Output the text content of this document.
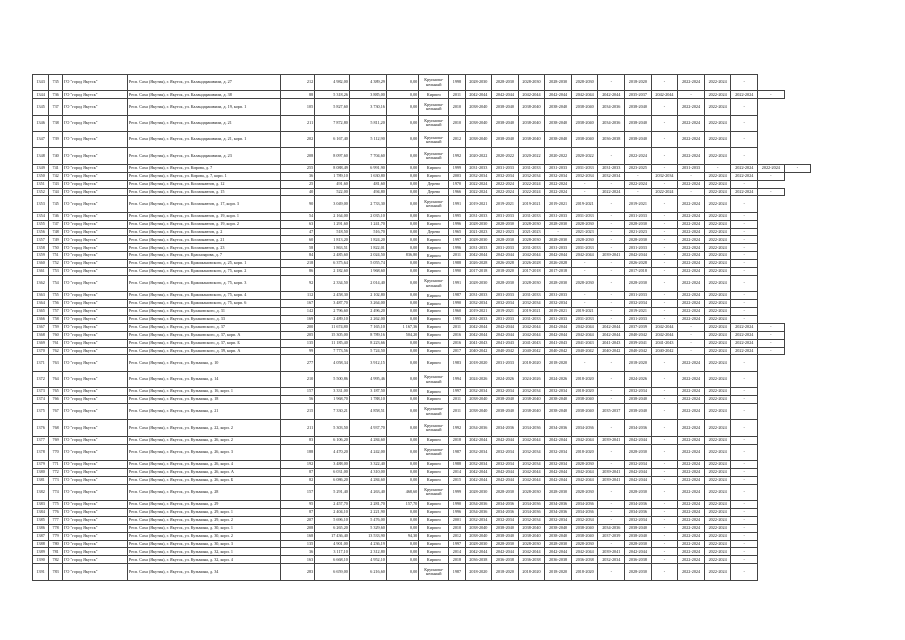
1343	735	ГО "город Якутск"	Респ. Саха (Якутия), г. Якутск, ул. Каландарашвили, д. 27	212	4 982,00	4 389,29	0,00	Крупнопа-нельный	1998	2028-2030	2028-2030	2028-2030	2028-2030	2028-2030	-	2018-2020	-	2022-2024	2022-2024	-		
1344	736	ГО "город Якутск"	Респ. Саха (Якутия), г. Якутск, ул. Каландарашвили, д. 38	88	5 318,26	3 885,00	0,00	Кирпич	2011	2042-2044	2042-2044	2042-2044	2042-2044	2042-2044	2042-2044	2035-2037	2042-2044	-	2022-2024	2022-2024	-	
1345	737	ГО "город Якутск"	Респ. Саха (Якутия), г. Якутск, ул. Каландарашвили, д. 19, корп. 1	105	5 827,60	3 730,16	0,00	Крупнопа-нельный	2010	2038-2040	2038-2040	2038-2040	2038-2040	2038-2040	2034-2036	2038-2040	-	2022-2024	2022-2024	-		
1346	738	ГО "город Якутск"	Респ. Саха (Якутия), г. Якутск, ул. Каландарашвили, д. 21	211	7 872,80	5 811,20	0,00	Крупнопа-нельный	2010	2038-2040	2038-2040	2038-2040	2038-2040	2038-2040	2034-2036	2038-2040	-	2022-2024	2022-2024	-		
1347	739	ГО "город Якутск"	Респ. Саха (Якутия), г. Якутск, ул. Каландарашвили, д. 21, корп. 1	202	6 167,40	5 112,90	0,00	Крупнопа-нельный	2012	2038-2040	2038-2040	2038-2040	2038-2040	2038-2040	2036-2038	2038-2040	-	2022-2024	2022-2024	-		
1348	740	ГО "город Якутск"	Респ. Саха (Якутия), г. Якутск, ул. Каландарашвили, д. 23	208	8 097,60	7 704,60	0,00	Крупнопа-нельный	1992	2020-2022	2020-2022	2020-2022	2020-2022	2020-2022	-	2022-2024	-	2022-2024	2022-2024	-		
1349	741	ГО "город Якутск"	Респ. Саха (Якутия), г. Якутск, ул. Кирова, д. 7	255	8 088,49	6 991,90	0,00	Кирпич	1999	2031-2033	2031-2033	2031-2033	2031-2033	2031-2033	2031-2033	2023-2025	-	2031-2033	-	2022-2024	2022-2024	-
1350	742	ГО "город Якутск"	Респ. Саха (Якутия), г. Якутск, ул. Кирова, д. 7, корп. 1	36	1 789,10	1 630,80	0,00	Кирпич	2003	2032-2034	2032-2034	2032-2034	2032-2034	2032-2034	2032-2034	-	2032-2034	-	2022-2024	2022-2024	-	
1351	743	ГО "город Якутск"	Респ. Саха (Якутия), г. Якутск, ул. Космонавтов, д. 12	25	491,60	481,60	0,00	Дерево	1970	2022-2024	2022-2024	2022-2024	2022-2024	-	-	2022-2024	-	2022-2024	2022-2024	-		
1352	744	ГО "город Якутск"	Респ. Саха (Якутия), г. Якутск, ул. Космонавтов, д. 15	40	522,00	494,80	0,00	Дерево	1966	2022-2024	2022-2024	2022-2024	2022-2024	-	2022-2024	-	2022-2024	-	2022-2024	2022-2024	-	
1353	745	ГО "город Якутск"	Респ. Саха (Якутия), г. Якутск, ул. Космонавтов, д. 17, корп. 3	90	3 049,00	2 733,30	0,00	Крупнопа-нельный	1991	2019-2021	2019-2021	2019-2021	2019-2021	2019-2021	-	2019-2021	-	2022-2024	2022-2024	-		
1354	746	ГО "город Якутск"	Респ. Саха (Якутия), г. Якутск, ул. Космонавтов, д. 19, корп. 1	54	2 164,00	2 035,10	0,00	Кирпич	1995	2031-2033	2031-2033	2031-2033	2031-2033	2031-2033	-	2031-2033	-	2022-2024	2022-2024	-		
1355	747	ГО "город Якутск"	Респ. Саха (Якутия), г. Якутск, ул. Космонавтов, д. 19, корп. 2	63	1 291,60	1 241,70	0,00	Кирпич	1996	2028-2030	2028-2030	2028-2030	2028-2030	2028-2030	-	2028-2030	-	2022-2024	2022-2024	-		
1356	748	ГО "город Якутск"	Респ. Саха (Якутия), г. Якутск, ул. Космонавтов, д. 2	47	518,50	516,70	0,00	Дерево	1965	2021-2023	2021-2023	2021-2023	-	2021-2023	-	2021-2023	-	2022-2024	2022-2024	-		
1357	749	ГО "город Якутск"	Респ. Саха (Якутия), г. Якутск, ул. Космонавтов, д. 21	60	1 813,20	1 824,20	0,00	Кирпич	1997	2028-2030	2028-2030	2028-2030	2028-2030	2028-2030	-	2028-2030	-	2022-2024	2022-2024	-		
1358	750	ГО "город Якутск"	Респ. Саха (Якутия), г. Якутск, ул. Космонавтов, д. 23	58	1 863,51	1 822,01	0,00	Кирпич	1996	2031-2033	2031-2033	2031-2033	2031-2033	2031-2033	-	2031-2033	-	2022-2024	2022-2024	-		
1359	751	ГО "город Якутск"	Респ. Саха (Якутия), г. Якутск, ул. Красноярова, д. 7	84	2 485,60	2 024,50	836,80	Кирпич	2011	2042-2044	2042-2044	2042-2044	2042-2044	2042-2044	2039-2041	2042-2044	-	2022-2024	2022-2024	-		
1360	752	ГО "город Якутск"	Респ. Саха (Якутия), г. Якутск, ул. Кржижановского, д. 25, корп. 1	218	6 375,64	5 055,74	0,00	Кирпич	1988	2026-2028	2026-2028	2026-2028	2026-2028	-	-	2026-2028	-	2022-2024	2022-2024	-		
1361	753	ГО "город Якутск"	Респ. Саха (Якутия), г. Якутск, ул. Кржижановского, д. 75, корп. 2	86	2 182,60	1 968,60	0,00	Кирпич	1990	2017-2018	2018-2020	2017-2018	2017-2018	-	-	2017-2018	-	2022-2024	2022-2024	-		
1362	754	ГО "город Якутск"	Респ. Саха (Якутия), г. Якутск, ул. Кржижановского, д. 75, корп. 3	92	2 334,50	2 014,40	0,00	Крупнопа-нельный	1991	2028-2030	2028-2030	2028-2030	2028-2030	2028-2030	-	2028-2030	-	2022-2024	2022-2024	-		
1363	755	ГО "город Якутск"	Респ. Саха (Якутия), г. Якутск, ул. Кржижановского, д. 75, корп. 4	112	2 458,30	2 102,80	0,00	Кирпич	1987	2031-2033	2031-2033	2031-2033	2031-2033	-	-	2031-2033	-	2022-2024	2022-2024	-		
1364	756	ГО "город Якутск"	Респ. Саха (Якутия), г. Якутск, ул. Кржижановского, д. 75, корп. 6	167	3 487,70	3 264,00	0,00	Кирпич	1990	2032-2034	2032-2034	2032-2034	2032-2034	-	-	2032-2034	-	2022-2024	2022-2024	-		
1365	757	ГО "город Якутск"	Респ. Саха (Якутия), г. Якутск, ул. Кулаковского, д. 31	142	2 796,60	2 496,20	0,00	Кирпич	1960	2019-2021	2019-2021	2019-2021	2019-2021	2019-2021	-	2019-2021	-	2022-2024	2022-2024	-		
1366	758	ГО "город Якутск"	Респ. Саха (Якутия), г. Якутск, ул. Кулаковского, д. 33	169	2 489,10	2 262,00	0,00	Кирпич	1995	2031-2033	2031-2033	2031-2033	2031-2033	2031-2033	-	2031-2033	-	2022-2024	2022-2024	-		
1367	759	ГО "город Якутск"	Респ. Саха (Якутия), г. Якутск, ул. Кулаковского, д. 37	200	11 674,80	7 165,10	1 167,36	Кирпич	2011	2042-2044	2042-2044	2042-2044	2042-2044	2042-2044	2042-2044	2037-2039	2042-2044	-	2022-2024	2022-2024	-	
1368	760	ГО "город Якутск"	Респ. Саха (Якутия), г. Якутск, ул. Кулаковского, д. 37, корп. А	205	15 305,00	8 789,16	504,20	Кирпич	2016	2042-2044	2042-2044	2042-2044	2042-2044	2042-2044	2042-2044	2040-2042	2042-2044	-	2022-2024	2022-2024	-	
1369	761	ГО "город Якутск"	Респ. Саха (Якутия), г. Якутск, ул. Кулаковского, д. 37, корп. Б	135	11 185,40	8 223,66	0,00	Кирпич	2016	2041-2043	2041-2043	2041-2043	2041-2043	2041-2043	2041-2043	2039-2041	2041-2043	-	2022-2024	2022-2024	-	
1370	762	ГО "город Якутск"	Респ. Саха (Якутия), г. Якутск, ул. Кулаковского, д. 39, корп. А	99	7 773,56	5 724,50	0,00	Кирпич	2017	2040-2042	2040-2042	2040-2042	2040-2042	2040-2042	2040-2042	2040-2042	2040-2042	-	2022-2024	2022-2024	-	
1371	763	ГО "город Якутск"	Респ. Саха (Якутия), г. Якутск, ул. Кузьмина, д. 10	277	4 058,34	3 912,15	0,00	Кирпич	1983	2018-2020	2031-2033	2018-2020	2018-2020	-	-	2018-2020	-	2022-2024	2022-2024	-		
1372	764	ГО "город Якутск"	Респ. Саха (Якутия), г. Якутск, ул. Кузьмина, д. 14	210	5 500,86	4 995,46	0,00	Крупнопа-нельный	1994	2024-2026	2024-2026	2024-2026	2024-2026	2018-2020	-	2024-2026	-	2022-2024	2022-2024	-		
1373	765	ГО "город Якутск"	Респ. Саха (Якутия), г. Якутск, ул. Кузьмина, д. 16, корп. 1	157	3 331,00	3 187,50	0,00	Кирпич	1997	2032-2034	2032-2034	2032-2034	2032-2034	2018-2020	-	2032-2034	-	2022-2024	2022-2024	-		
1374	766	ГО "город Якутск"	Респ. Саха (Якутия), г. Якутск, ул. Кузьмина, д. 18	56	1 968,70	1 788,10	0,00	Кирпич	2011	2038-2040	2038-2040	2038-2040	2038-2040	2038-2040	-	2038-2040	-	2022-2024	2022-2024	-		
1375	767	ГО "город Якутск"	Респ. Саха (Якутия), г. Якутск, ул. Кузьмина, д. 21	215	7 330,21	4 858,51	0,00	Крупнопа-нельный	2011	2038-2040	2038-2040	2038-2040	2038-2040	2038-2040	2035-2037	2038-2040	-	2022-2024	2022-2024	-		
1376	768	ГО "город Якутск"	Респ. Саха (Якутия), г. Якутск, ул. Кузьмина, д. 22, корп. 2	211	5 303,50	4 937,70	0,00	Крупнопа-нельный	1992	2034-2036	2034-2036	2034-2036	2034-2036	2034-2036	-	2034-2036	-	2022-2024	2022-2024	-		
1377	769	ГО "город Якутск"	Респ. Саха (Якутия), г. Якутск, ул. Кузьмина, д. 26, корп. 2	83	6 106,20	4 284,60	0,00	Кирпич	2018	2042-2044	2042-2044	2042-2044	2042-2044	2042-2044	2039-2041	2042-2044	-	2022-2024	2022-2024	-		
1378	770	ГО "город Якутск"	Респ. Саха (Якутия), г. Якутск, ул. Кузьмина, д. 26, корп. 3	188	4 470,20	4 242,00	0,00	Крупнопа-нельный	1987	2032-2034	2032-2034	2032-2034	2032-2034	2018-2020	-	2028-2030	-	2022-2024	2022-2024	-		
1379	771	ГО "город Якутск"	Респ. Саха (Якутия), г. Якутск, ул. Кузьмина, д. 26, корп. 4	192	3 488,00	3 322,40	0,00	Кирпич	1988	2032-2034	2032-2034	2032-2034	2032-2034	2028-2030	-	2032-2034	-	2022-2024	2022-2024	-		
1380	772	ГО "город Якутск"	Респ. Саха (Якутия), г. Якутск, ул. Кузьмина, д. 26, корп. А	87	6 031,00	4 310,00	0,00	Кирпич	2014	2042-2044	2042-2044	2042-2044	2042-2044	2042-2044	2039-2041	2042-2044	-	2022-2024	2022-2024	-		
1381	773	ГО "город Якутск"	Респ. Саха (Якутия), г. Якутск, ул. Кузьмина, д. 26, корп. Б	82	6 086,20	4 284,60	0,00	Кирпич	2015	2042-2044	2042-2044	2042-2044	2042-2044	2042-2044	2039-2041	2042-2044	-	2022-2024	2022-2024	-		
1382	774	ГО "город Якутск"	Респ. Саха (Якутия), г. Якутск, ул. Кузьмина, д. 28	157	5 291,40	4 263,40	468,60	Крупнопа-нельный	1999	2028-2030	2028-2030	2028-2030	2028-2030	2028-2030	-	2028-2030	-	2022-2024	2022-2024	-		
1383	775	ГО "город Якутск"	Респ. Саха (Якутия), г. Якутск, ул. Кузьмина, д. 29	95	2 457,70	2 281,70	157,70	Кирпич	1990	2034-2036	2034-2036	2034-2036	2034-2036	2034-2036	-	2034-2036	-	2022-2024	2022-2024	-		
1384	776	ГО "город Якутск"	Респ. Саха (Якутия), г. Якутск, ул. Кузьмина, д. 29, корп. 1	87	2 404,10	2 221,90	0,00	Кирпич	1996	2034-2036	2034-2036	2034-2036	2034-2036	2034-2036	-	2034-2036	-	2022-2024	2022-2024	-		
1385	777	ГО "город Якутск"	Респ. Саха (Якутия), г. Якутск, ул. Кузьмина, д. 29, корп. 2	207	5 696,10	5 476,00	0,00	Кирпич	2001	2032-2034	2032-2034	2032-2034	2032-2034	2032-2034	-	2032-2034	-	2022-2024	2022-2024	-		
1386	778	ГО "город Якутск"	Респ. Саха (Якутия), г. Якутск, ул. Кузьмина, д. 30, корп. 1	208	6 265,20	5 329,60	0,00	Кирпич	2010	2038-2040	2038-2040	2038-2040	2038-2040	2038-2040	2034-2036	2038-2040	-	2022-2024	2022-2024	-		
1387	779	ГО "город Якутск"	Респ. Саха (Якутия), г. Якутск, ул. Кузьмина, д. 30, корп. 2	168	17 436,40	13 533,90	94,30	Кирпич	2012	2038-2040	2038-2040	2038-2040	2038-2040	2038-2040	2037-2039	2038-2040	-	2022-2024	2022-2024	-		
1388	780	ГО "город Якутск"	Респ. Саха (Якутия), г. Якутск, ул. Кузьмина, д. 30, корп. 3	135	4 901,00	4 236,19	0,00	Кирпич	1997	2028-2030	2028-2030	2028-2030	2028-2030	2028-2030	-	2028-2030	-	2022-2024	2022-2024	-		
1389	781	ГО "город Якутск"	Респ. Саха (Якутия), г. Якутск, ул. Кузьмина, д. 32, корп. 1	36	3 117,10	2 312,80	0,00	Кирпич	2014	2042-2044	2042-2044	2042-2044	2042-2044	2042-2044	2039-2041	2042-2044	-	2022-2024	2022-2024	-		
1390	782	ГО "город Якутск"	Респ. Саха (Якутия), г. Якутск, ул. Кузьмина, д. 32, корп. 4	163	6 668,10	4 952,10	0,00	Кирпич	2018	2036-2038	2036-2038	2036-2038	2036-2038	2036-2038	2032-2034	2036-2038	-	2022-2024	2022-2024	-		
1391	783	ГО "город Якутск"	Респ. Саха (Якутия), г. Якутск, ул. Кузьмина, д. 34	283	6 659,00	6 216,60	0,00	Крупнопа-нельный	1987	2018-2020	2018-2020	2018-2020	2018-2020	2018-2020	-	2028-2030	-	2022-2024	2022-2024	-		
